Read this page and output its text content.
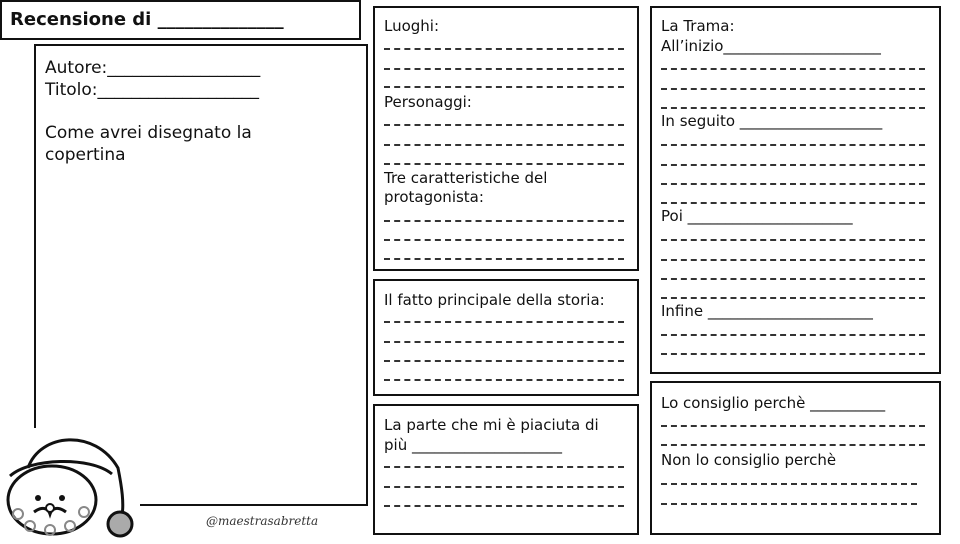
Recensione di ______________
Autore:__________________
Titolo:___________________
Come avrei disegnato la
copertina
@maestrasabretta
Luoghi:
Personaggi:
Tre caratteristiche del
protagonista:
Il fatto principale della storia:
La parte che mi è piaciuta di
più ____________________
La Trama:
All’inizio_____________________
In seguito ___________________
Poi ______________________
Infine ______________________
Lo consiglio perchè __________
Non lo consiglio perchè
